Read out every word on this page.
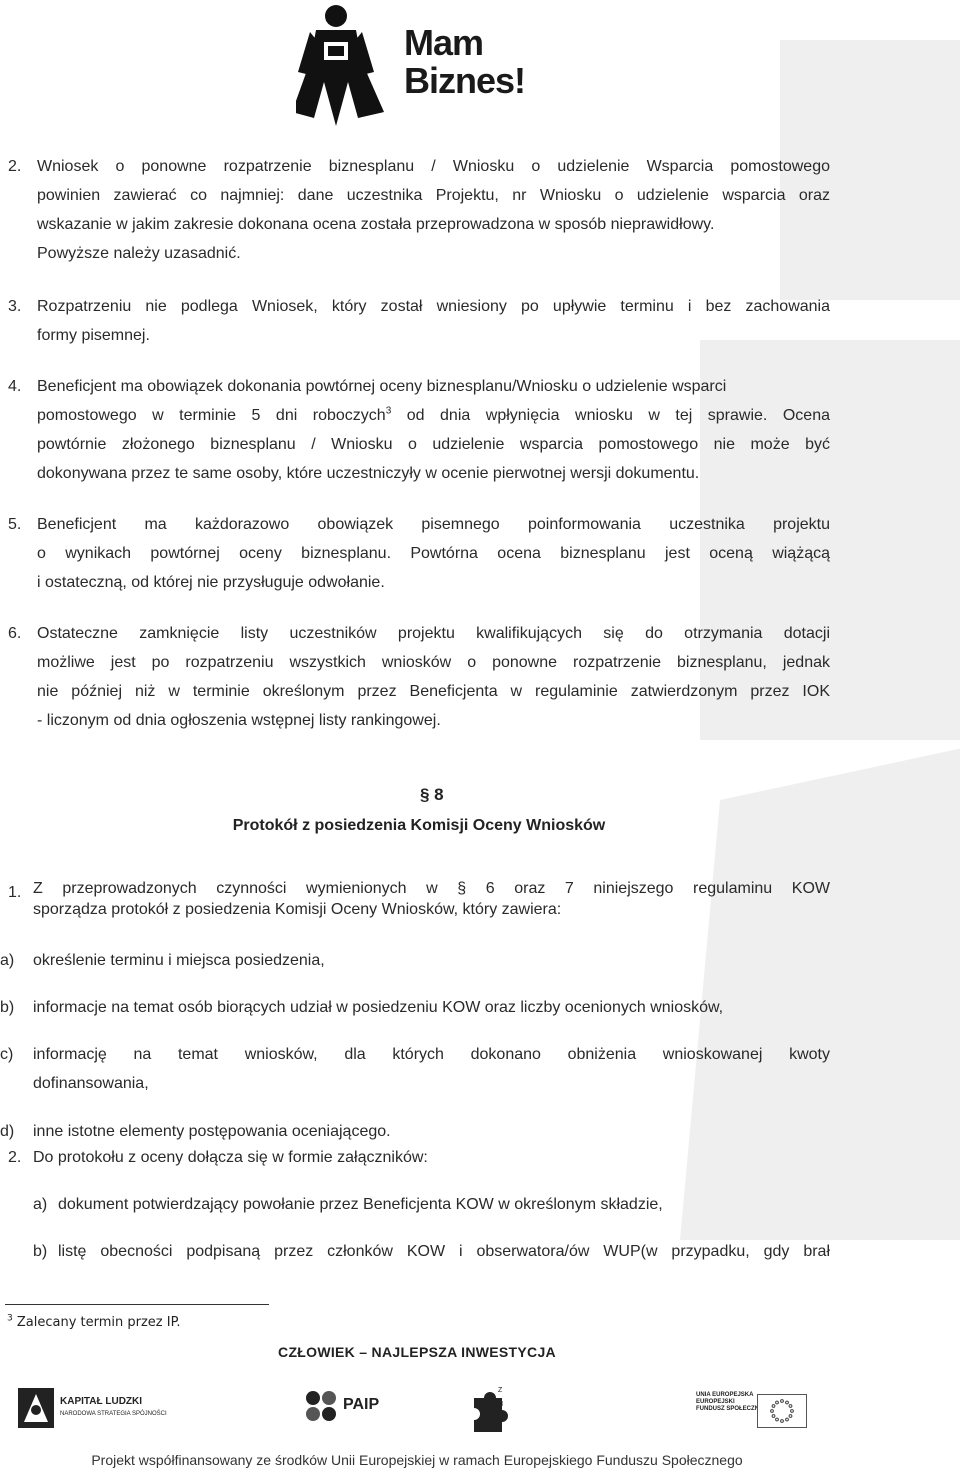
Mam
Biznes!
2. Wniosek o ponowne rozpatrzenie biznesplanu / Wniosku o udzielenie Wsparcia pomostowego
powinien zawierać co najmniej: dane uczestnika Projektu, nr Wniosku o udzielenie wsparcia oraz
wskazanie w jakim zakresie dokonana ocena została przeprowadzona w sposób nieprawidłowy.
Powyższe należy uzasadnić.
3. Rozpatrzeniu nie podlega Wniosek, który został wniesiony po upływie terminu i bez zachowania
formy pisemnej.
4. Beneficjent ma obowiązek dokonania powtórnej oceny biznesplanu/Wniosku o udzielenie wsparci
pomostowego w terminie 5 dni roboczych$^3$ od dnia wpłynięcia wniosku w tej sprawie. Ocena
powtórnie złożonego biznesplanu / Wniosku o udzielenie wsparcia pomostowego nie może być
dokonywana przez te same osoby, które uczestniczyły w ocenie pierwotnej wersji dokumentu.
5. Beneficjent ma każdorazowo obowiązek pisemnego poinformowania uczestnika projektu
o wynikach powtórnej oceny biznesplanu. Powtórna ocena biznesplanu jest oceną wiążącą
i ostateczną, od której nie przysługuje odwołanie.
6. Ostateczne zamknięcie listy uczestników projektu kwalifikujących się do otrzymania dotacji
możliwe jest po rozpatrzeniu wszystkich wniosków o ponowne rozpatrzenie biznesplanu, jednak
nie później niż w terminie określonym przez Beneficjenta w regulaminie zatwierdzonym przez IOK
- liczonym od dnia ogłoszenia wstępnej listy rankingowej.
§ 8
Protokół z posiedzenia Komisji Oceny Wniosków
1. Z przeprowadzonych czynności wymienionych w § 6 oraz 7 niniejszego regulaminu KOW
sporządza protokół z posiedzenia Komisji Oceny Wniosków, który zawiera:
a) określenie terminu i miejsca posiedzenia,
b) informacje na temat osób biorących udział w posiedzeniu KOW oraz liczby ocenionych wniosków,
c) informację na temat wniosków, dla których dokonano obniżenia wnioskowanej kwoty
dofinansowania,
d) inne istotne elementy postępowania oceniającego.
2. Do protokołu z oceny dołącza się w formie załączników:
a) dokument potwierdzający powołanie przez Beneficjenta KOW w określonym składzie,
b) listę obecności podpisaną przez członków KOW i obserwatora/ów WUP(w przypadku, gdy brał
$^3$ Zalecany termin przez IP.
CZŁOWIEK – NAJLEPSZA INWESTYCJA
KAPITAŁ LUDZKI
NARODOWA STRATEGIA SPÓJNOŚCI
PAIP
Z N R
UNIA EUROPEJSKA
EUROPEJSKI
FUNDUSZ SPOŁECZNY
Projekt współfinansowany ze środków Unii Europejskiej w ramach Europejskiego Funduszu Społecznego
